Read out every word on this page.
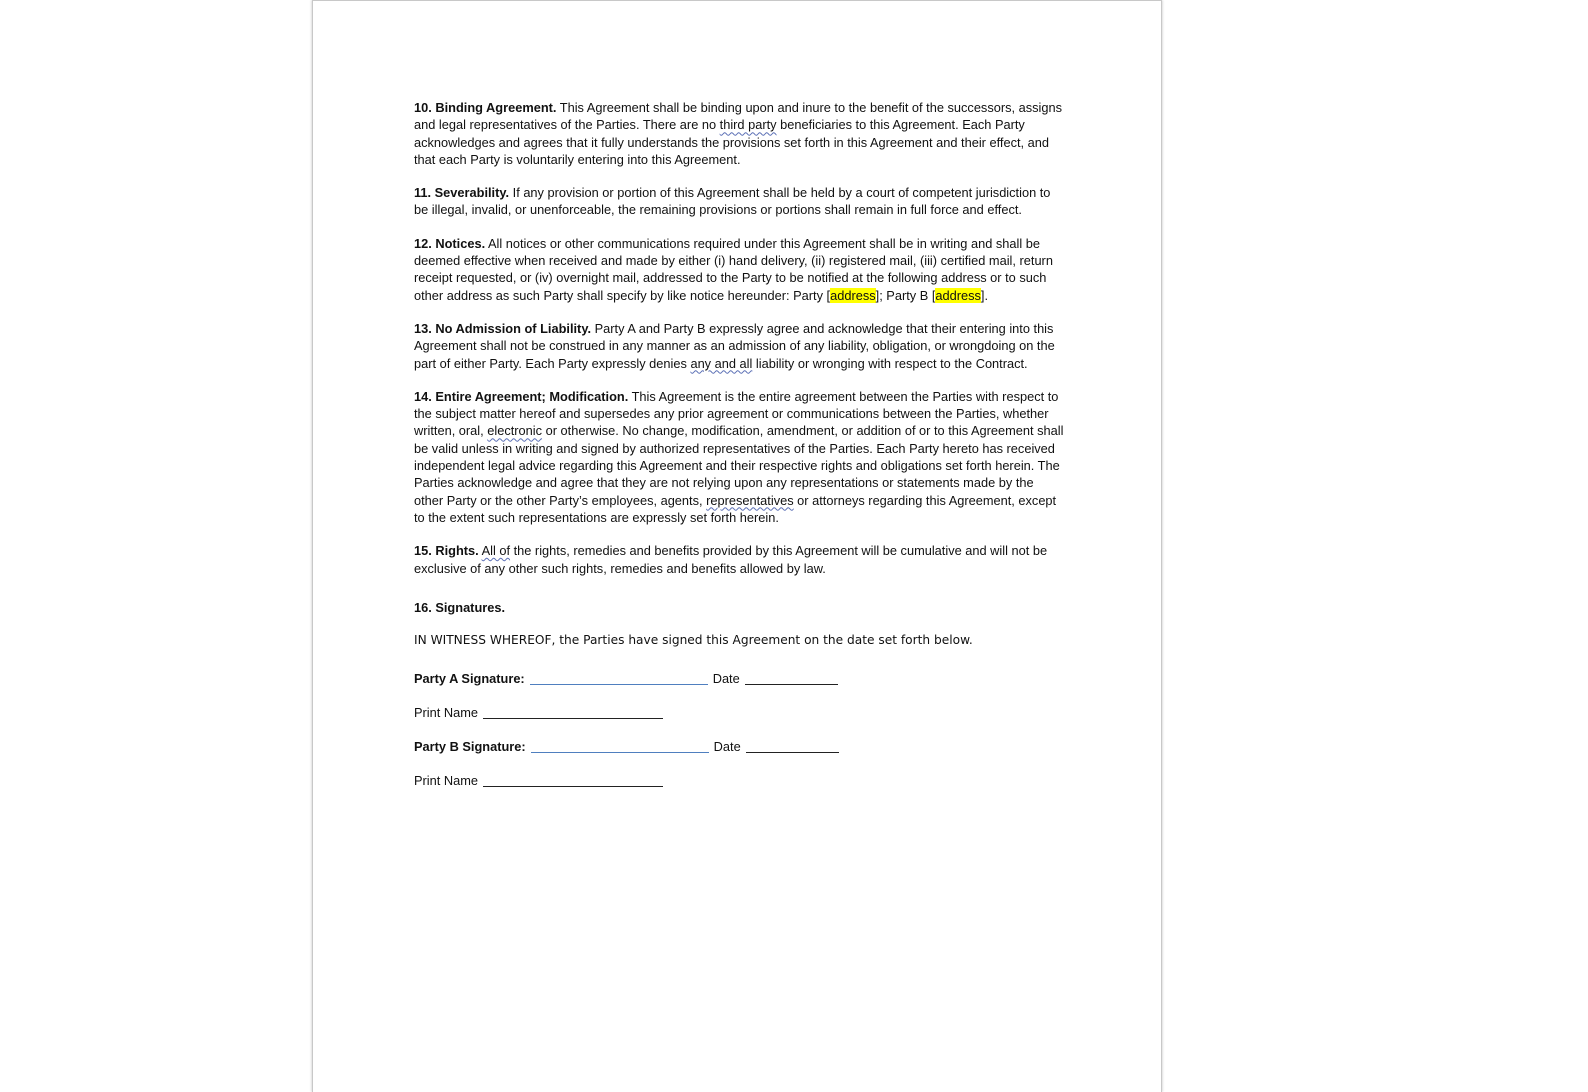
10. Binding Agreement. This Agreement shall be binding upon and inure to the benefit of the successors, assigns and legal representatives of the Parties. There are no third party beneficiaries to this Agreement. Each Party acknowledges and agrees that it fully understands the provisions set forth in this Agreement and their effect, and that each Party is voluntarily entering into this Agreement.

11. Severability. If any provision or portion of this Agreement shall be held by a court of competent jurisdiction to be illegal, invalid, or unenforceable, the remaining provisions or portions shall remain in full force and effect.

12. Notices. All notices or other communications required under this Agreement shall be in writing and shall be deemed effective when received and made by either (i) hand delivery, (ii) registered mail, (iii) certified mail, return receipt requested, or (iv) overnight mail, addressed to the Party to be notified at the following address or to such other address as such Party shall specify by like notice hereunder: Party [address]; Party B [address].

13. No Admission of Liability. Party A and Party B expressly agree and acknowledge that their entering into this Agreement shall not be construed in any manner as an admission of any liability, obligation, or wrongdoing on the part of either Party. Each Party expressly denies any and all liability or wronging with respect to the Contract.

14. Entire Agreement; Modification. This Agreement is the entire agreement between the Parties with respect to the subject matter hereof and supersedes any prior agreement or communications between the Parties, whether written, oral, electronic or otherwise. No change, modification, amendment, or addition of or to this Agreement shall be valid unless in writing and signed by authorized representatives of the Parties. Each Party hereto has received independent legal advice regarding this Agreement and their respective rights and obligations set forth herein. The Parties acknowledge and agree that they are not relying upon any representations or statements made by the other Party or the other Party’s employees, agents, representatives or attorneys regarding this Agreement, except to the extent such representations are expressly set forth herein.

15. Rights. All of the rights, remedies and benefits provided by this Agreement will be cumulative and will not be exclusive of any other such rights, remedies and benefits allowed by law.

16. Signatures.

IN WITNESS WHEREOF, the Parties have signed this Agreement on the date set forth below.

Party A Signature:	Date
Print Name
Party B Signature:	Date
Print Name
